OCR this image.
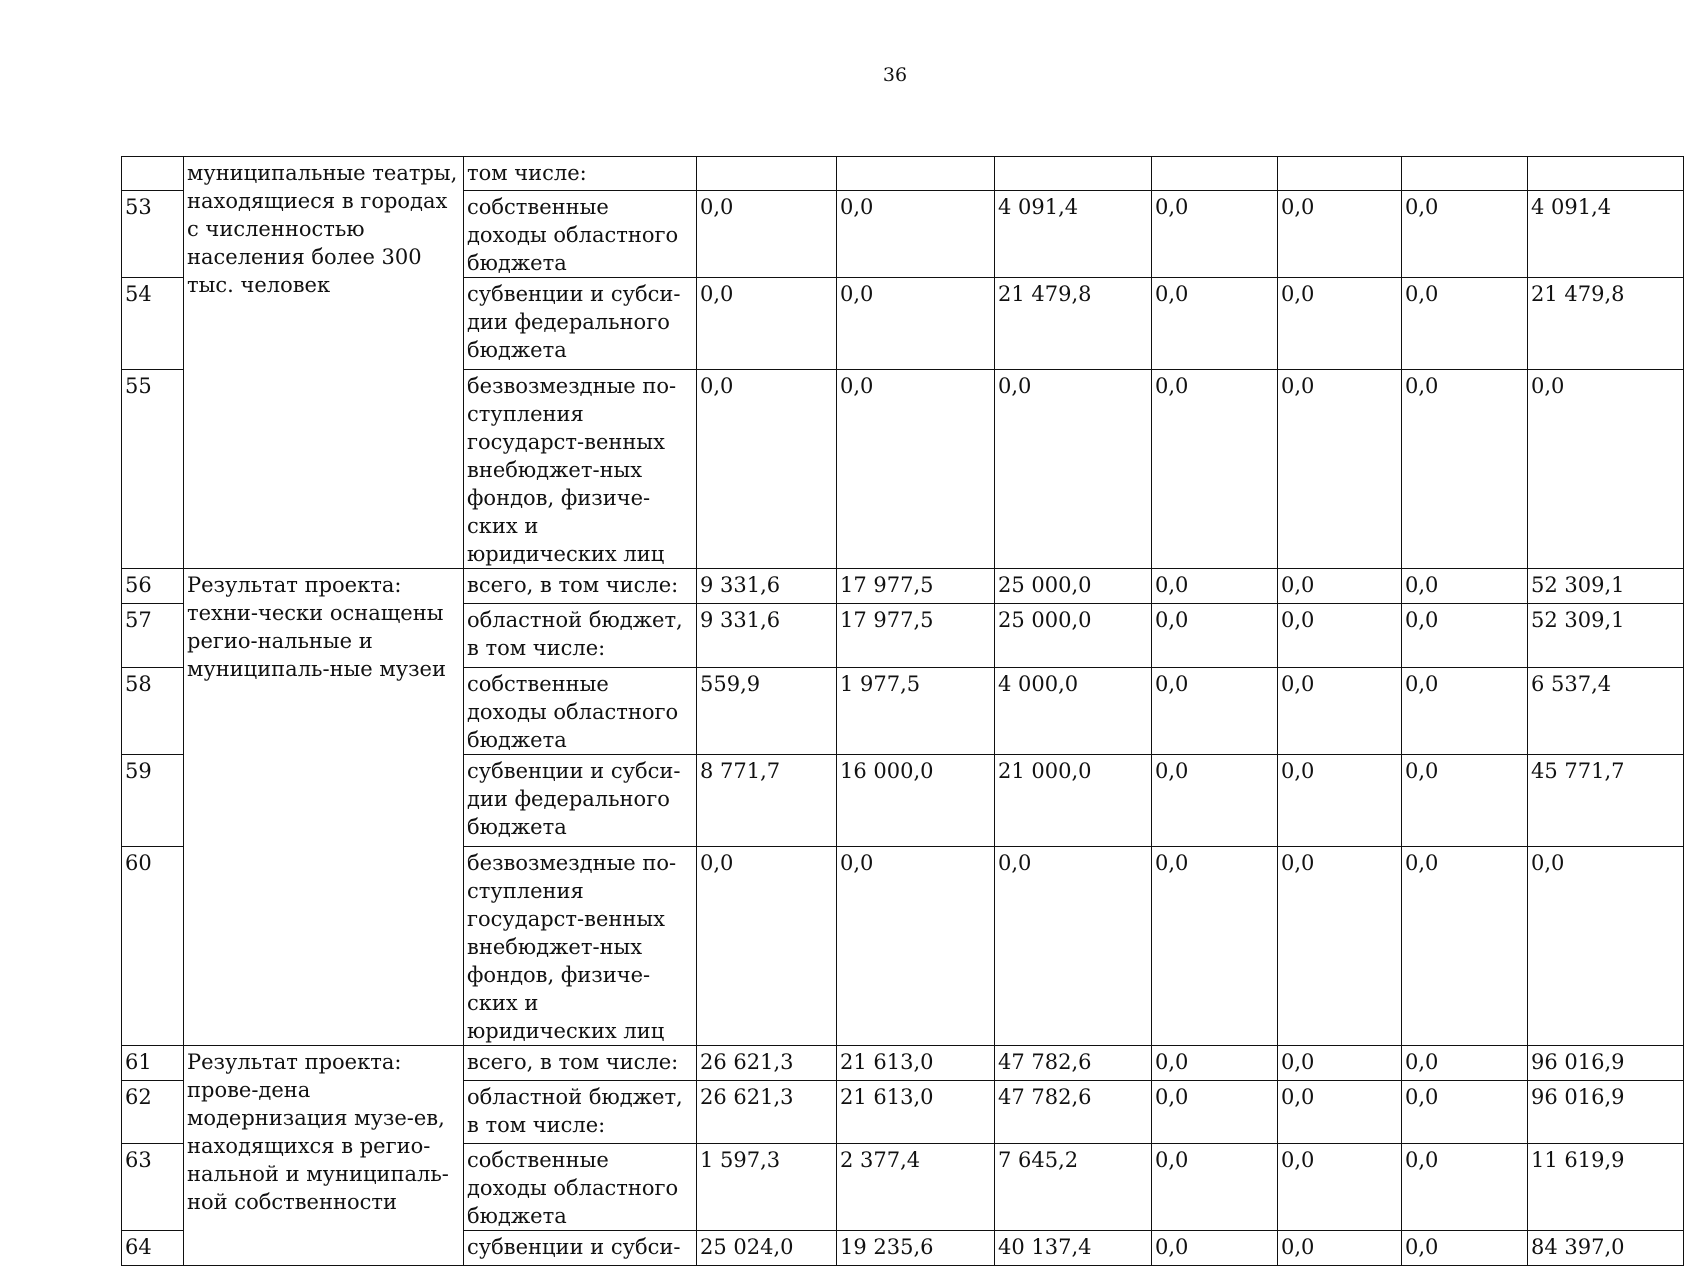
36
	муниципальные театры, находящиеся в городах с численностью населения более 300 тыс. человек	том числе:							
53		собственные доходы областного бюджета	0,0	0,0	4 091,4	0,0	0,0	0,0	4 091,4
54		субвенции и субси-дии федерального бюджета	0,0	0,0	21 479,8	0,0	0,0	0,0	21 479,8
55		безвозмездные по-ступления государст-венных внебюджет-ных фондов, физиче-ских и юридических лиц	0,0	0,0	0,0	0,0	0,0	0,0	0,0
56	Результат проекта: техни-чески оснащены регио-нальные и муниципаль-ные музеи	всего, в том числе:	9 331,6	17 977,5	25 000,0	0,0	0,0	0,0	52 309,1
57		областной бюджет, в том числе:	9 331,6	17 977,5	25 000,0	0,0	0,0	0,0	52 309,1
58		собственные доходы областного бюджета	559,9	1 977,5	4 000,0	0,0	0,0	0,0	6 537,4
59		субвенции и субси-дии федерального бюджета	8 771,7	16 000,0	21 000,0	0,0	0,0	0,0	45 771,7
60		безвозмездные по-ступления государст-венных внебюджет-ных фондов, физиче-ских и юридических лиц	0,0	0,0	0,0	0,0	0,0	0,0	0,0
61	Результат проекта: прове-дена модернизация музе-ев, находящихся в регио-нальной и муниципаль-ной собственности	всего, в том числе:	26 621,3	21 613,0	47 782,6	0,0	0,0	0,0	96 016,9
62		областной бюджет, в том числе:	26 621,3	21 613,0	47 782,6	0,0	0,0	0,0	96 016,9
63		собственные доходы областного бюджета	1 597,3	2 377,4	7 645,2	0,0	0,0	0,0	11 619,9
64		субвенции и субси-	25 024,0	19 235,6	40 137,4	0,0	0,0	0,0	84 397,0
